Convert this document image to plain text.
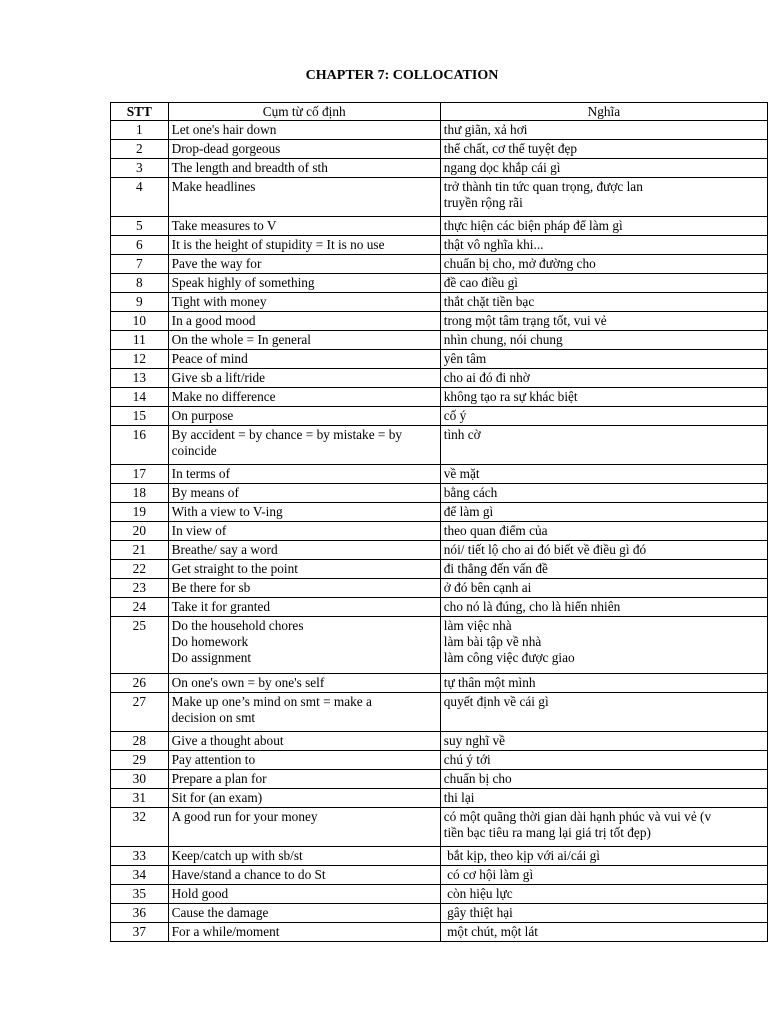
CHAPTER 7: COLLOCATION
STT	Cụm từ cố định	Nghĩa
1	Let one's hair down	thư giãn, xả hơi
2	Drop-dead gorgeous	thể chất, cơ thể tuyệt đẹp
3	The length and breadth of sth	ngang dọc khắp cái gì
4	Make headlines	trở thành tin tức quan trọng, được lan
truyền rộng rãi
5	Take measures to V	thực hiện các biện pháp để làm gì
6	It is the height of stupidity = It is no use	thật vô nghĩa khi...
7	Pave the way for	chuẩn bị cho, mở đường cho
8	Speak highly of something	đề cao điều gì
9	Tight with money	thắt chặt tiền bạc
10	In a good mood	trong một tâm trạng tốt, vui vẻ
11	On the whole = In general	nhìn chung, nói chung
12	Peace of mind	yên tâm
13	Give sb a lift/ride	cho ai đó đi nhờ
14	Make no difference	không tạo ra sự khác biệt
15	On purpose	cố ý
16	By accident = by chance = by mistake = by
coincide	tình cờ
17	In terms of	về mặt
18	By means of	bằng cách
19	With a view to V-ing	để làm gì
20	In view of	theo quan điểm của
21	Breathe/ say a word	nói/ tiết lộ cho ai đó biết về điều gì đó
22	Get straight to the point	đi thẳng đến vấn đề
23	Be there for sb	ở đó bên cạnh ai
24	Take it for granted	cho nó là đúng, cho là hiển nhiên
25	Do the household chores
Do homework
Do assignment	làm việc nhà
làm bài tập về nhà
làm công việc được giao
26	On one's own = by one's self	tự thân một mình
27	Make up one’s mind on smt = make a
decision on smt	quyết định về cái gì
28	Give a thought about	suy nghĩ về
29	Pay attention to	chú ý tới
30	Prepare a plan for	chuẩn bị cho
31	Sit for (an exam)	thi lại
32	A good run for your money	có một quãng thời gian dài hạnh phúc và vui vẻ (v
tiền bạc tiêu ra mang lại giá trị tốt đẹp)
33	Keep/catch up with sb/st	bắt kịp, theo kịp với ai/cái gì
34	Have/stand a chance to do St	có cơ hội làm gì
35	Hold good	còn hiệu lực
36	Cause the damage	gây thiệt hại
37	For a while/moment	một chút, một lát
